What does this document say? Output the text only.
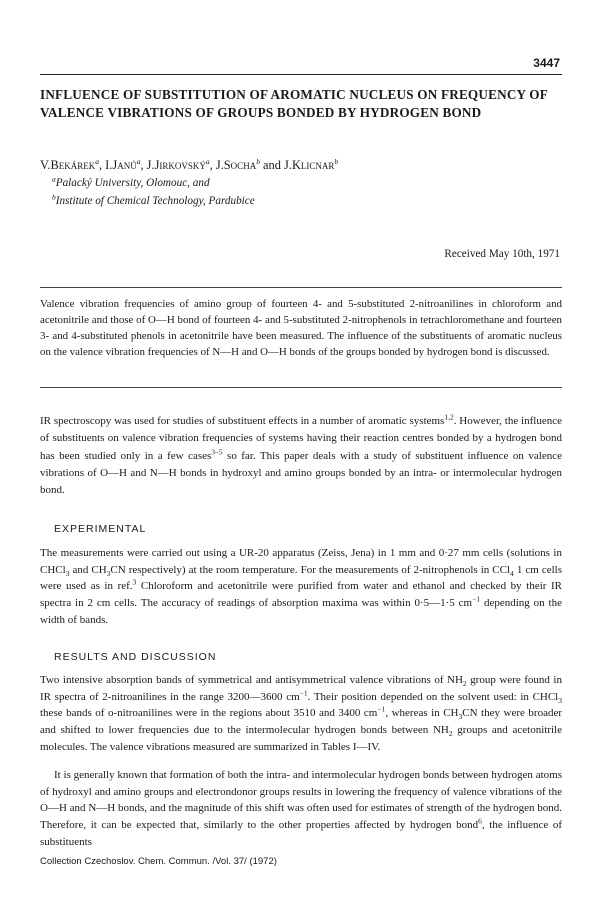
3447
INFLUENCE OF SUBSTITUTION OF AROMATIC NUCLEUS ON FREQUENCY OF VALENCE VIBRATIONS OF GROUPS BONDED BY HYDROGEN BOND
V.Bekárek$^a$, I.Janů$^a$, J.Jirkovský$^a$, J.Socha$^b$ and J.Klicnar$^b$
$^a$Palacký University, Olomouc, and
$^b$Institute of Chemical Technology, Pardubice
Received May 10th, 1971
Valence vibration frequencies of amino group of fourteen 4- and 5-substituted 2-nitroanilines in chloroform and acetonitrile and those of O—H bond of fourteen 4- and 5-substituted 2-nitrophenols in tetrachloromethane and fourteen 3- and 4-substituted phenols in acetonitrile have been measured. The influence of the substituents of aromatic nucleus on the valence vibration frequencies of N—H and O—H bonds of the groups bonded by hydrogen bond is discussed.
IR spectroscopy was used for studies of substituent effects in a number of aromatic systems$^{1,2}$. However, the influence of substituents on valence vibration frequencies of systems having their reaction centres bonded by a hydrogen bond has been studied only in a few cases$^{3-5}$ so far. This paper deals with a study of substituent influence on valence vibrations of O—H and N—H bonds in hydroxyl and amino groups bonded by an intra- or intermolecular hydrogen bond.
EXPERIMENTAL
The measurements were carried out using a UR-20 apparatus (Zeiss, Jena) in 1 mm and 0·27 mm cells (solutions in CHCl$_3$ and $CH_3CN$ respectively) at the room temperature. For the measurements of 2-nitrophenols in CCl$_4$ 1 cm cells were used as in ref.$^3$ Chloroform and acetonitrile were purified from water and ethanol and checked by their IR spectra in 2 cm cells. The accuracy of readings of absorption maxima was within 0·5—1·5 $cm^{-1}$ depending on the width of bands.
RESULTS AND DISCUSSION
Two intensive absorption bands of symmetrical and antisymmetrical valence vibrations of $NH_2$ group were found in IR spectra of 2-nitroanilines in the range 3200—3600 $cm^{-1}$. Their position depended on the solvent used: in CHCl$_3$ these bands of o-nitroanilines were in the regions about 3510 and 3400 $cm^{-1}$, whereas in $CH_3CN$ they were broader and shifted to lower frequencies due to the intermolecular hydrogen bonds between $NH_2$ groups and acetonitrile molecules. The valence vibrations measured are summarized in Tables I—IV.
It is generally known that formation of both the intra- and intermolecular hydrogen bonds between hydrogen atoms of hydroxyl and amino groups and electrondonor groups results in lowering the frequency of valence vibrations of the O—H and N—H bonds, and the magnitude of this shift was often used for estimates of strength of the hydrogen bond. Therefore, it can be expected that, similarly to the other properties affected by hydrogen bond$^6$, the influence of substituents
Collection Czechoslov. Chem. Commun. /Vol. 37/ (1972)
